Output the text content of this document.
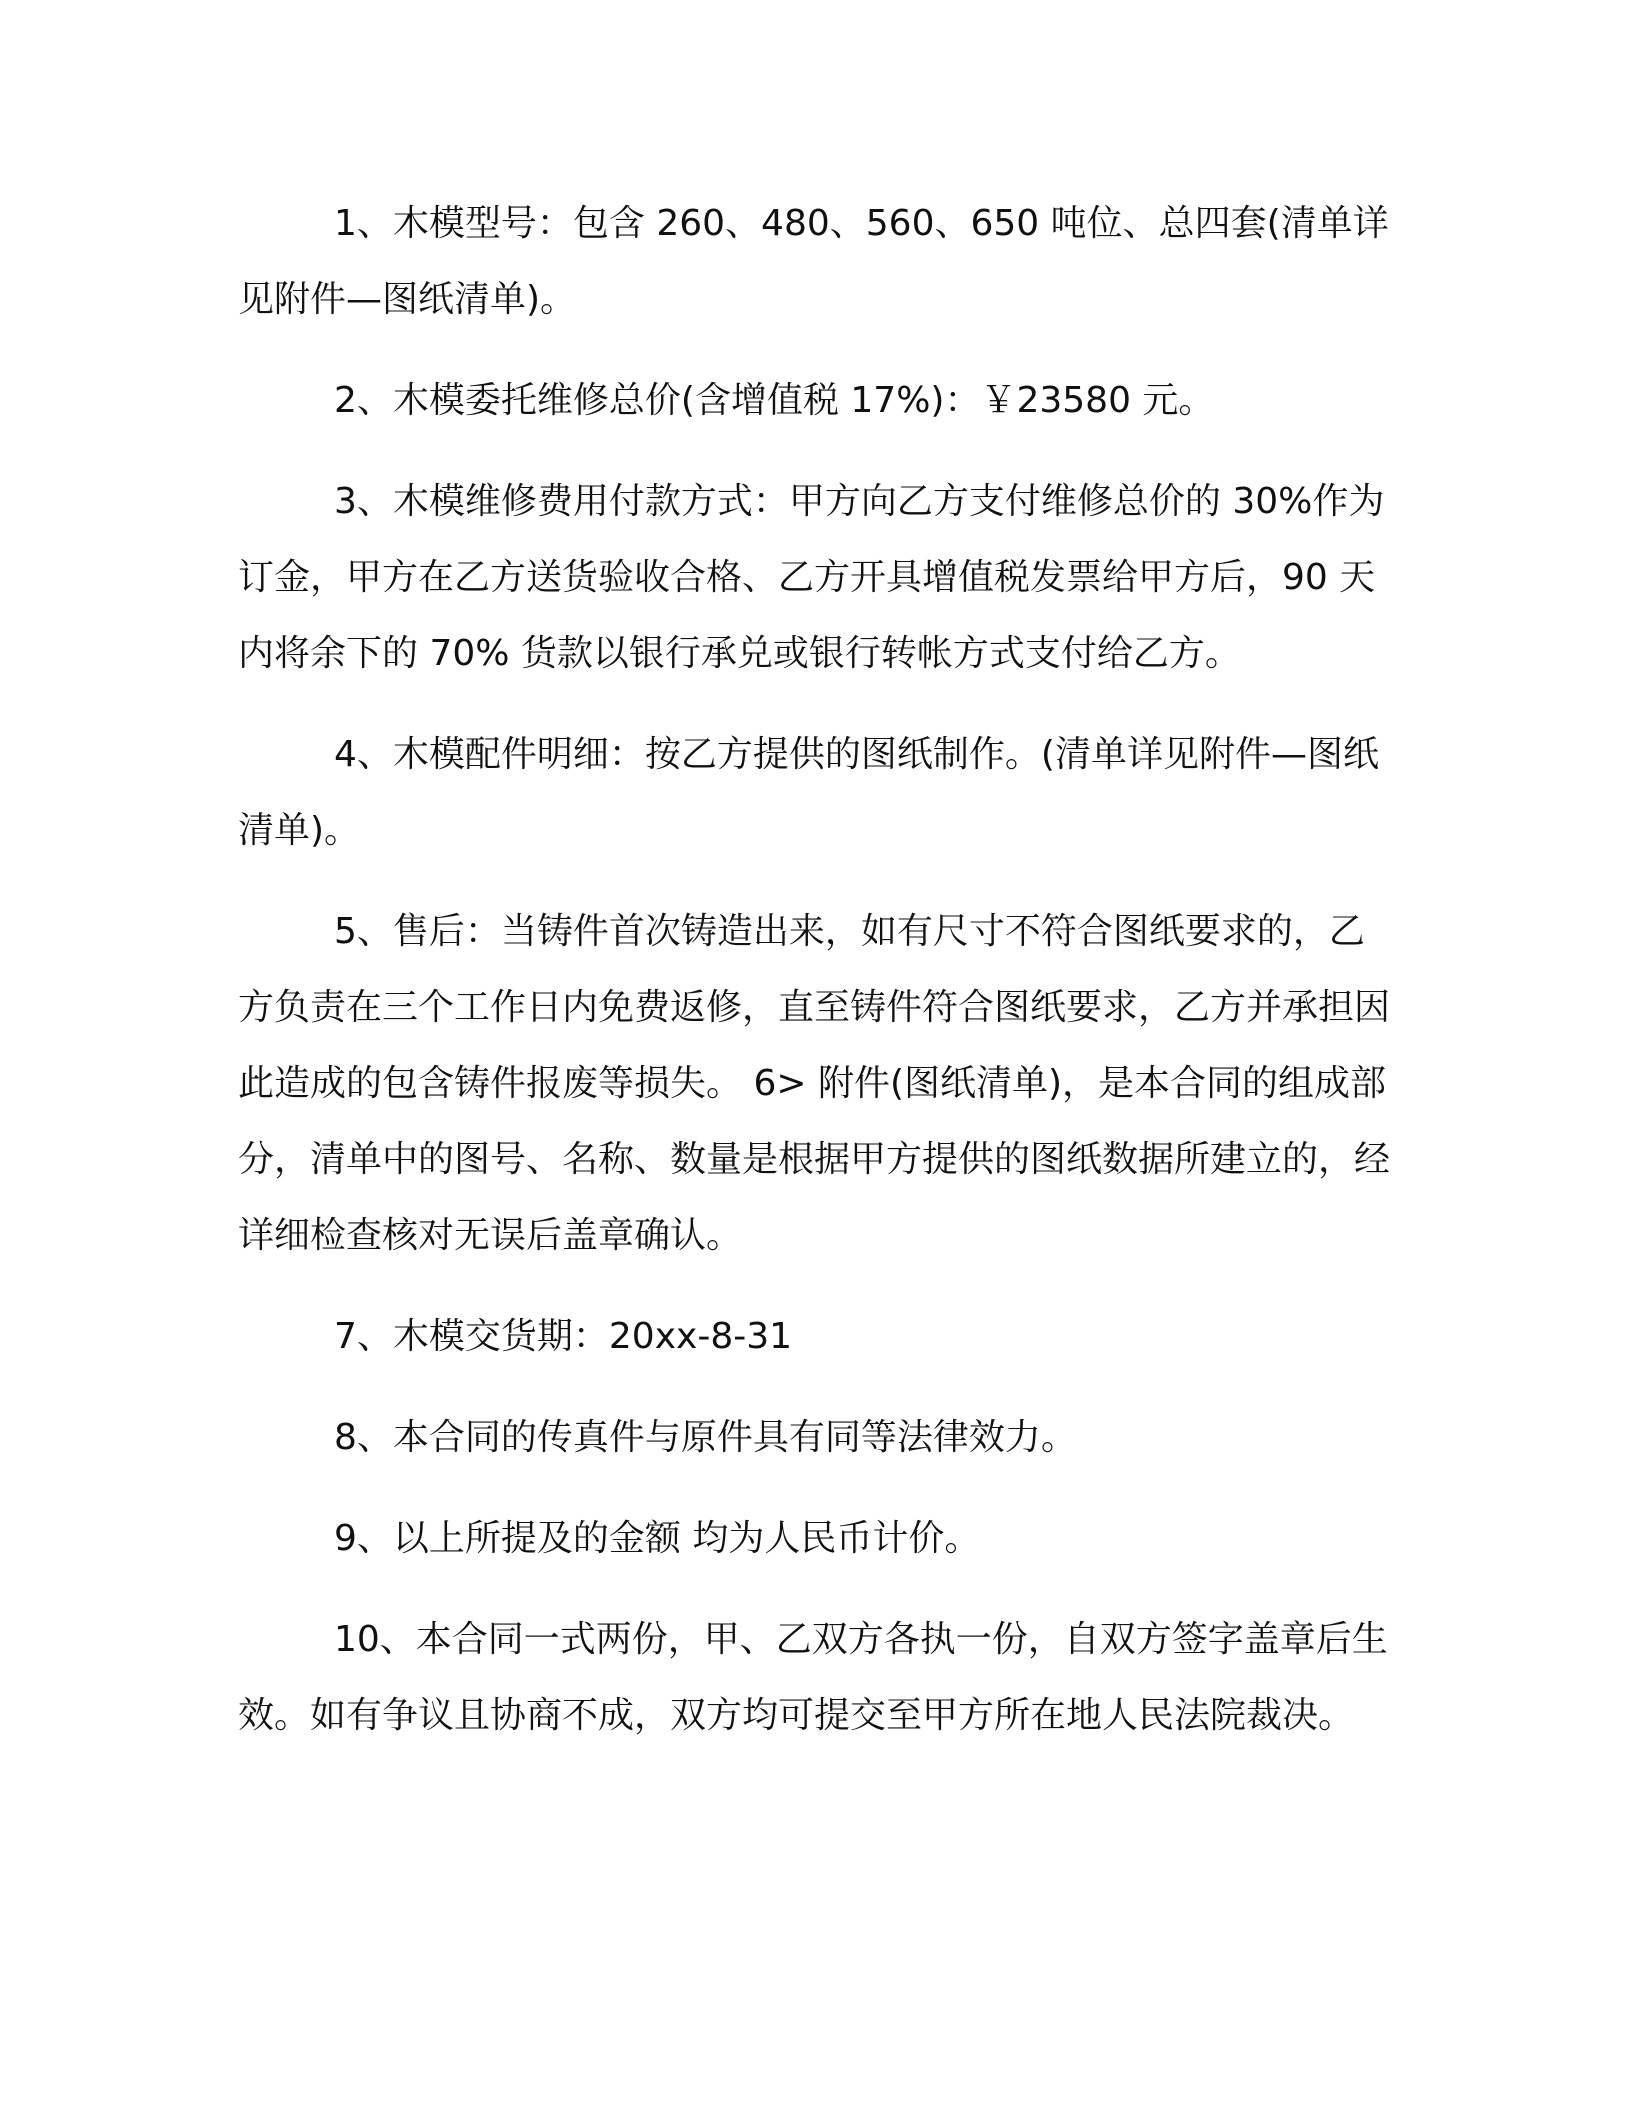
1、木模型号：包含 260、480、560、650 吨位、总四套(清单详见附件—图纸清单)。

2、木模委托维修总价(含增值税 17%)：￥23580 元。

3、木模维修费用付款方式：甲方向乙方支付维修总价的 30%作为订金，甲方在乙方送货验收合格、乙方开具增值税发票给甲方后，90 天内将余下的 70% 货款以银行承兑或银行转帐方式支付给乙方。

4、木模配件明细：按乙方提供的图纸制作。(清单详见附件—图纸清单)。

5、售后：当铸件首次铸造出来，如有尺寸不符合图纸要求的，乙方负责在三个工作日内免费返修，直至铸件符合图纸要求，乙方并承担因此造成的包含铸件报废等损失。 6> 附件(图纸清单)，是本合同的组成部分，清单中的图号、名称、数量是根据甲方提供的图纸数据所建立的，经详细检查核对无误后盖章确认。

7、木模交货期：20xx-8-31

8、本合同的传真件与原件具有同等法律效力。

9、以上所提及的金额 均为人民币计价。

10、本合同一式两份，甲、乙双方各执一份，自双方签字盖章后生效。如有争议且协商不成，双方均可提交至甲方所在地人民法院裁决。
